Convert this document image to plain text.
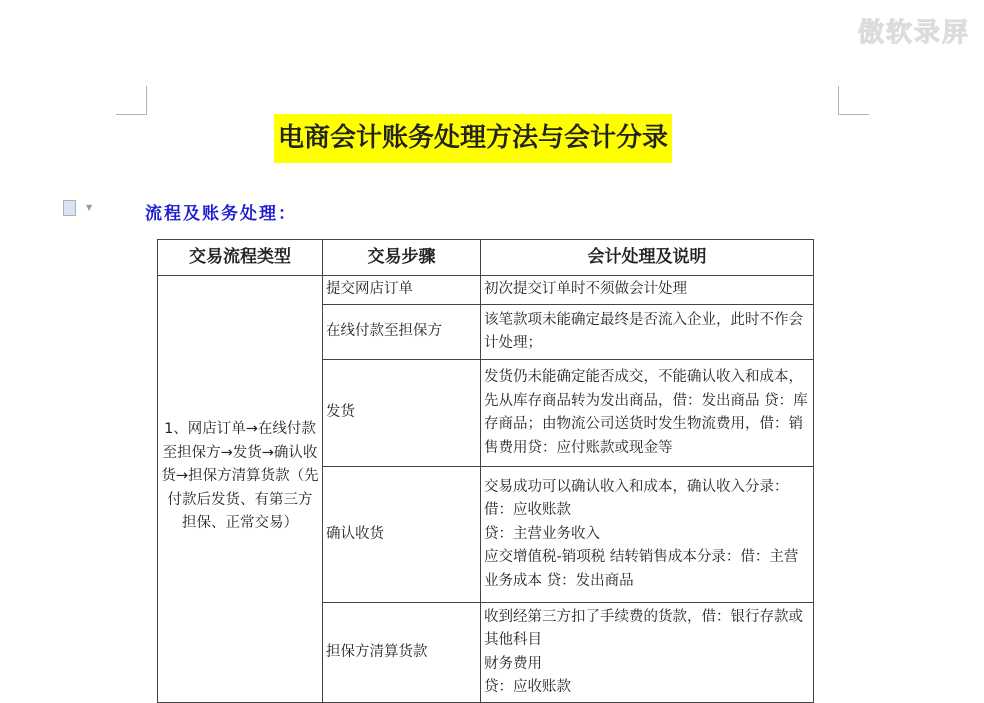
傲软录屏
电商会计账务处理方法与会计分录
▼	流程及账务处理：
交易流程类型	交易步骤	会计处理及说明
1、网店订单→在线付款至担保方→发货→确认收货→担保方清算货款（先付款后发货、有第三方担保、正常交易）	提交网店订单	初次提交订单时不须做会计处理
	在线付款至担保方	该笔款项未能确定最终是否流入企业，此时不作会计处理；
	发货	发货仍未能确定能否成交，不能确认收入和成本，先从库存商品转为发出商品，借：发出商品 贷：库存商品；由物流公司送货时发生物流费用，借：销售费用贷：应付账款或现金等
	确认收货	交易成功可以确认收入和成本，确认收入分录：借：应收账款
贷：主营业务收入
应交增值税-销项税 结转销售成本分录：借：主营业务成本 贷：发出商品
	担保方清算货款	收到经第三方扣了手续费的货款，借：银行存款或其他科目
财务费用
贷：应收账款
